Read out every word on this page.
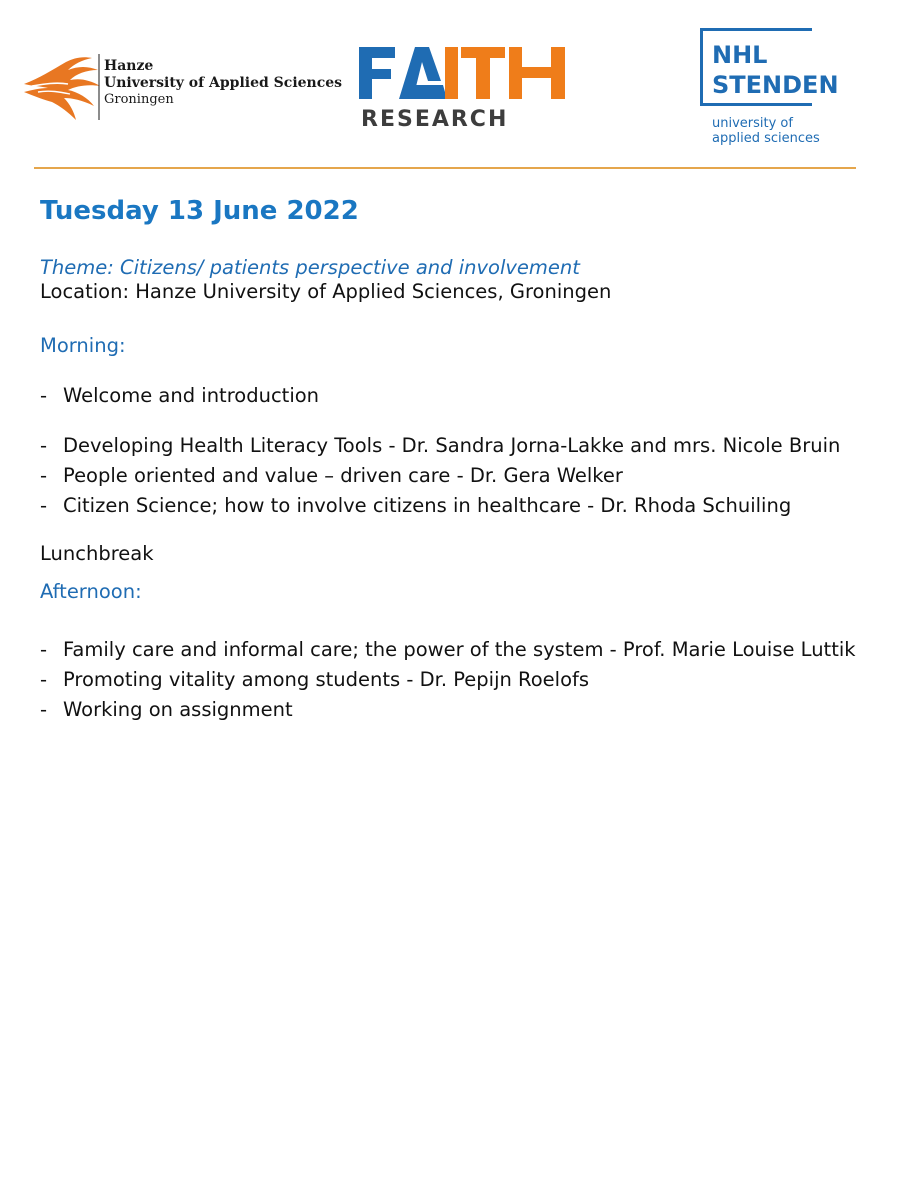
Hanze
University of Applied Sciences
Groningen
RESEARCH
NHL
STENDEN
university of
applied sciences
Tuesday 13 June 2022
Theme: Citizens/ patients perspective and involvement
Location: Hanze University of Applied Sciences, Groningen
Morning:
- Welcome and introduction
- Developing Health Literacy Tools - Dr. Sandra Jorna-Lakke and mrs. Nicole Bruin
- People oriented and value – driven care - Dr. Gera Welker
- Citizen Science; how to involve citizens in healthcare - Dr. Rhoda Schuiling
Lunchbreak
Afternoon:
- Family care and informal care; the power of the system - Prof. Marie Louise Luttik
- Promoting vitality among students - Dr. Pepijn Roelofs
- Working on assignment
